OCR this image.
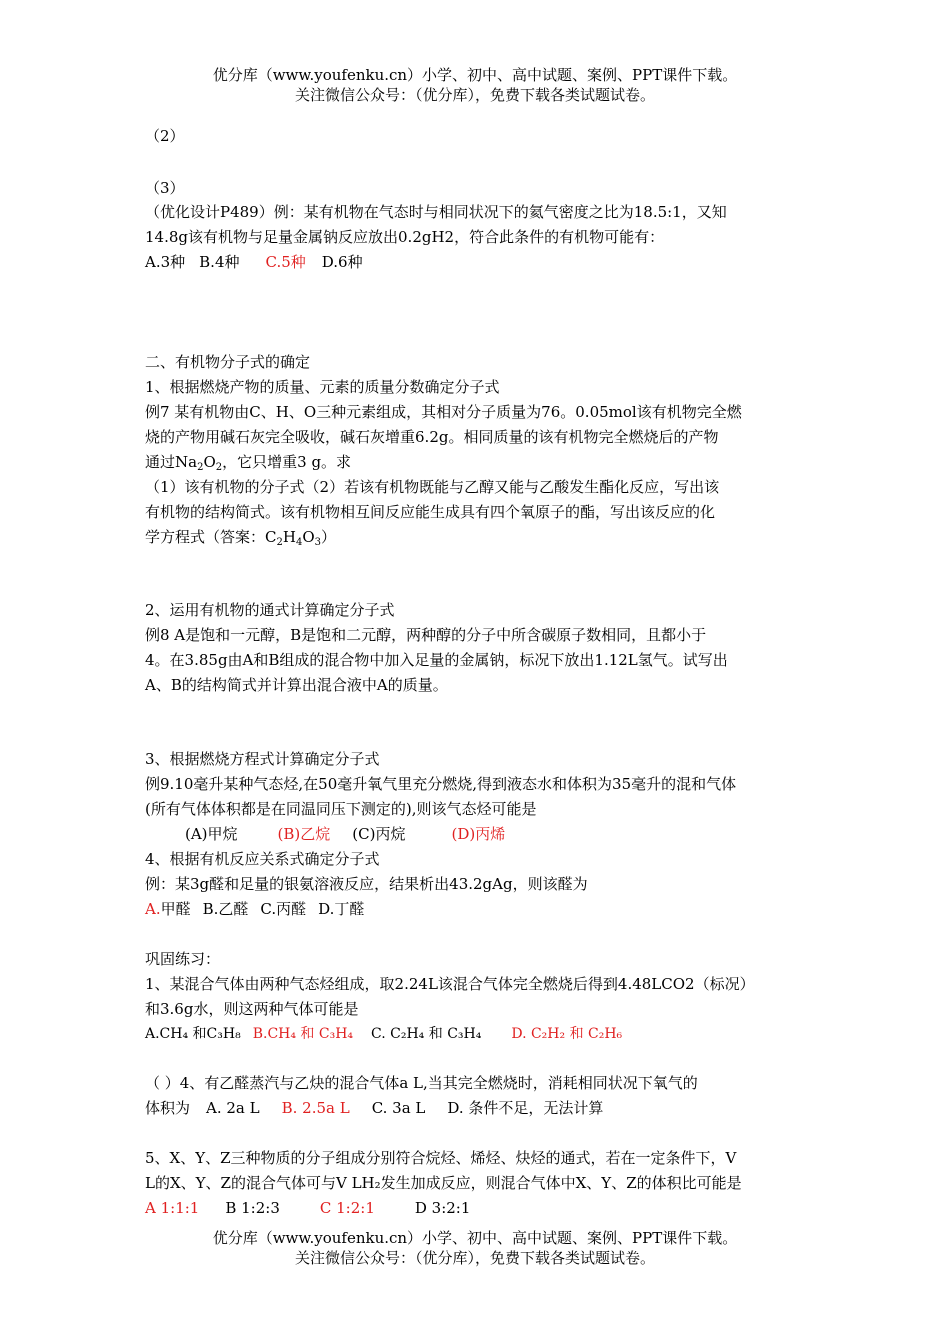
优分库（www.youfenku.cn）小学、初中、高中试题、案例、PPT课件下载。
关注微信公众号：（优分库），免费下载各类试题试卷。
（2）
（3）
（优化设计P489）例：某有机物在气态时与相同状况下的氦气密度之比为18.5:1，又知
14.8g该有机物与足量金属钠反应放出0.2gH2，符合此条件的有机物可能有：
A.3种 B.4种 C.5种 D.6种
二、有机物分子式的确定
1、根据燃烧产物的质量、元素的质量分数确定分子式
例7 某有机物由C、H、O三种元素组成，其相对分子质量为76。0.05mol该有机物完全燃
烧的产物用碱石灰完全吸收，碱石灰增重6.2g。相同质量的该有机物完全燃烧后的产物
通过$Na_2O_2$，它只增重3 g。求
（1）该有机物的分子式（2）若该有机物既能与乙醇又能与乙酸发生酯化反应，写出该
有机物的结构简式。该有机物相互间反应能生成具有四个氧原子的酯，写出该反应的化
学方程式（答案：$C_2H_4O_3$）
2、运用有机物的通式计算确定分子式
例8 A是饱和一元醇，B是饱和二元醇，两种醇的分子中所含碳原子数相同，且都小于
4。在3.85g由A和B组成的混合物中加入足量的金属钠，标况下放出1.12L氢气。试写出
A、B的结构简式并计算出混合液中A的质量。
3、根据燃烧方程式计算确定分子式
例9.10毫升某种气态烃,在50毫升氧气里充分燃烧,得到液态水和体积为35毫升的混和气体
(所有气体体积都是在同温同压下测定的),则该气态烃可能是
(A)甲烷	(B)乙烷 (C)丙烷	(D)丙烯
4、根据有机反应关系式确定分子式
例：某3g醛和足量的银氨溶液反应，结果析出43.2gAg，则该醛为
A.甲醛 B.乙醛 C.丙醛 D.丁醛
巩固练习：
1、某混合气体由两种气态烃组成，取2.24L该混合气体完全燃烧后得到4.48LCO2（标况）
和3.6g水，则这两种气体可能是
A.CH₄ 和C₃H₈ B.CH₄ 和 C₃H₄ C. C₂H₄ 和 C₃H₄ D. C₂H₂ 和 C₂H₆
（ ）4、有乙醛蒸汽与乙炔的混合气体a L,当其完全燃烧时，消耗相同状况下氧气的
体积为 A. 2a L B. 2.5a L C. 3a L D. 条件不足，无法计算
5、X、Y、Z三种物质的分子组成分别符合烷烃、烯烃、炔烃的通式，若在一定条件下，V
L的X、Y、Z的混合气体可与V LH₂发生加成反应，则混合气体中X、Y、Z的体积比可能是
A 1:1:1 B 1:2:3	C 1:2:1	D 3:2:1
优分库（www.youfenku.cn）小学、初中、高中试题、案例、PPT课件下载。
关注微信公众号：（优分库），免费下载各类试题试卷。
